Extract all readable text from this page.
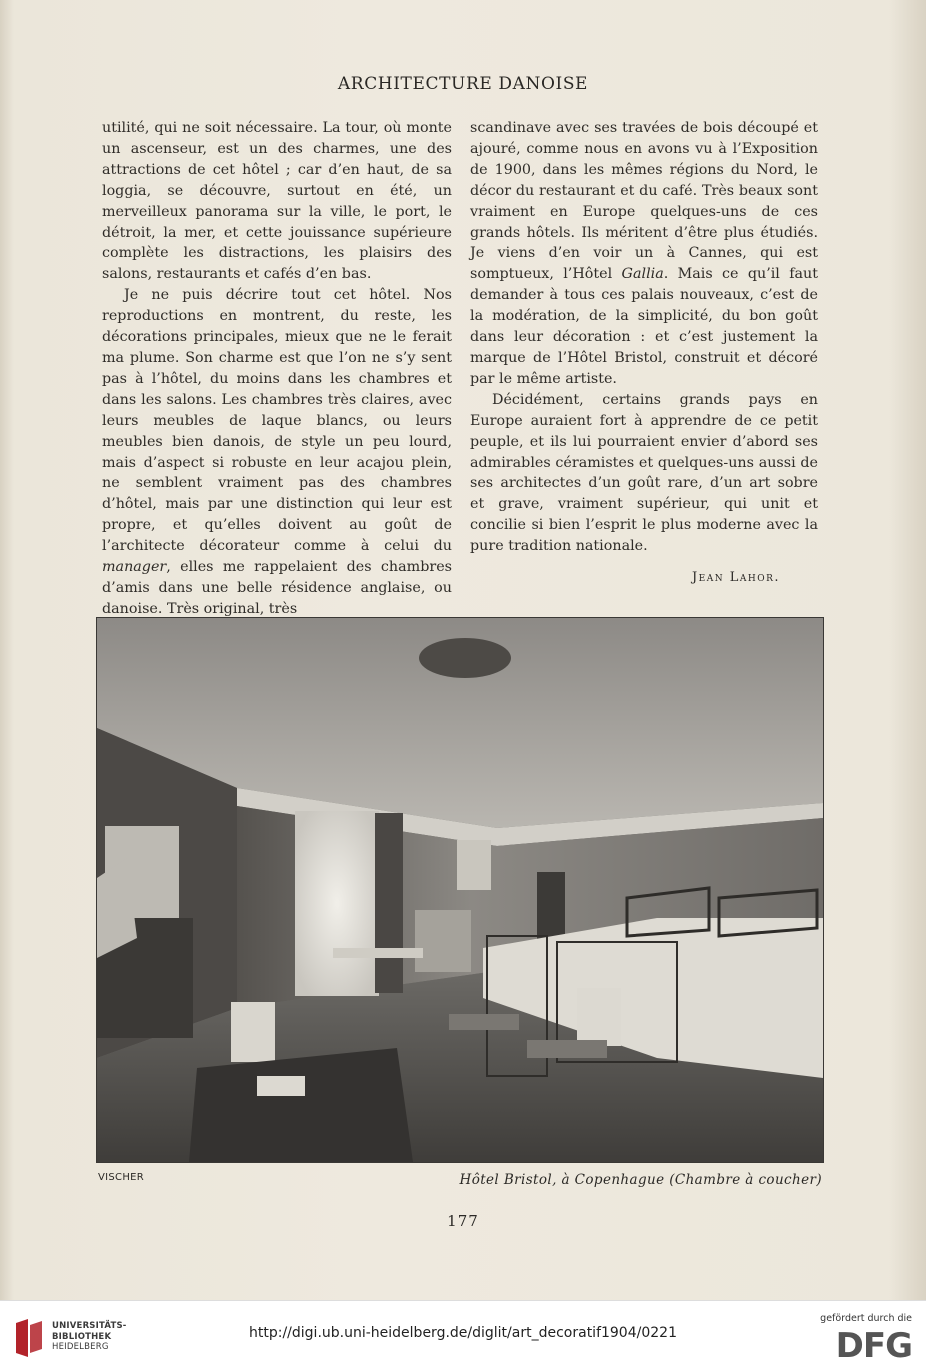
ARCHITECTURE DANOISE

utilité, qui ne soit nécessaire. La tour, où monte un ascenseur, est un des charmes, une des attractions de cet hôtel ; car d’en haut, de sa loggia, se découvre, surtout en été, un merveilleux panorama sur la ville, le port, le détroit, la mer, et cette jouissance supérieure complète les distractions, les plaisirs des salons, restaurants et cafés d’en bas.

Je ne puis décrire tout cet hôtel. Nos reproductions en montrent, du reste, les décorations principales, mieux que ne le ferait ma plume. Son charme est que l’on ne s’y sent pas à l’hôtel, du moins dans les chambres et dans les salons. Les chambres très claires, avec leurs meubles de laque blancs, ou leurs meubles bien danois, de style un peu lourd, mais d’aspect si robuste en leur acajou plein, ne semblent vraiment pas des chambres d’hôtel, mais par une distinction qui leur est propre, et qu’elles doivent au goût de l’architecte décorateur comme à celui du manager, elles me rappelaient des chambres d’amis dans une belle résidence anglaise, ou danoise. Très original, très

scandinave avec ses travées de bois découpé et ajouré, comme nous en avons vu à l’Exposition de 1900, dans les mêmes régions du Nord, le décor du restaurant et du café. Très beaux sont vraiment en Europe quelques-uns de ces grands hôtels. Ils méritent d’être plus étudiés. Je viens d’en voir un à Cannes, qui est somptueux, l’Hôtel Gallia. Mais ce qu’il faut demander à tous ces palais nouveaux, c’est de la modération, de la simplicité, du bon goût dans leur décoration : et c’est justement la marque de l’Hôtel Bristol, construit et décoré par le même artiste.

Décidément, certains grands pays en Europe auraient fort à apprendre de ce petit peuple, et ils lui pourraient envier d’abord ses admirables céramistes et quelques-uns aussi de ses architectes d’un goût rare, d’un art sobre et grave, vraiment supérieur, qui unit et concilie si bien l’esprit le plus moderne avec la pure tradition nationale.

Jean Lahor.
VISCHER	Hôtel Bristol, à Copenhague (Chambre à coucher)
177
UNIVERSITÄTS-
BIBLIOTHEK
HEIDELBERG
http://digi.ub.uni-heidelberg.de/diglit/art_decoratif1904/0221
gefördert durch die
DFG
